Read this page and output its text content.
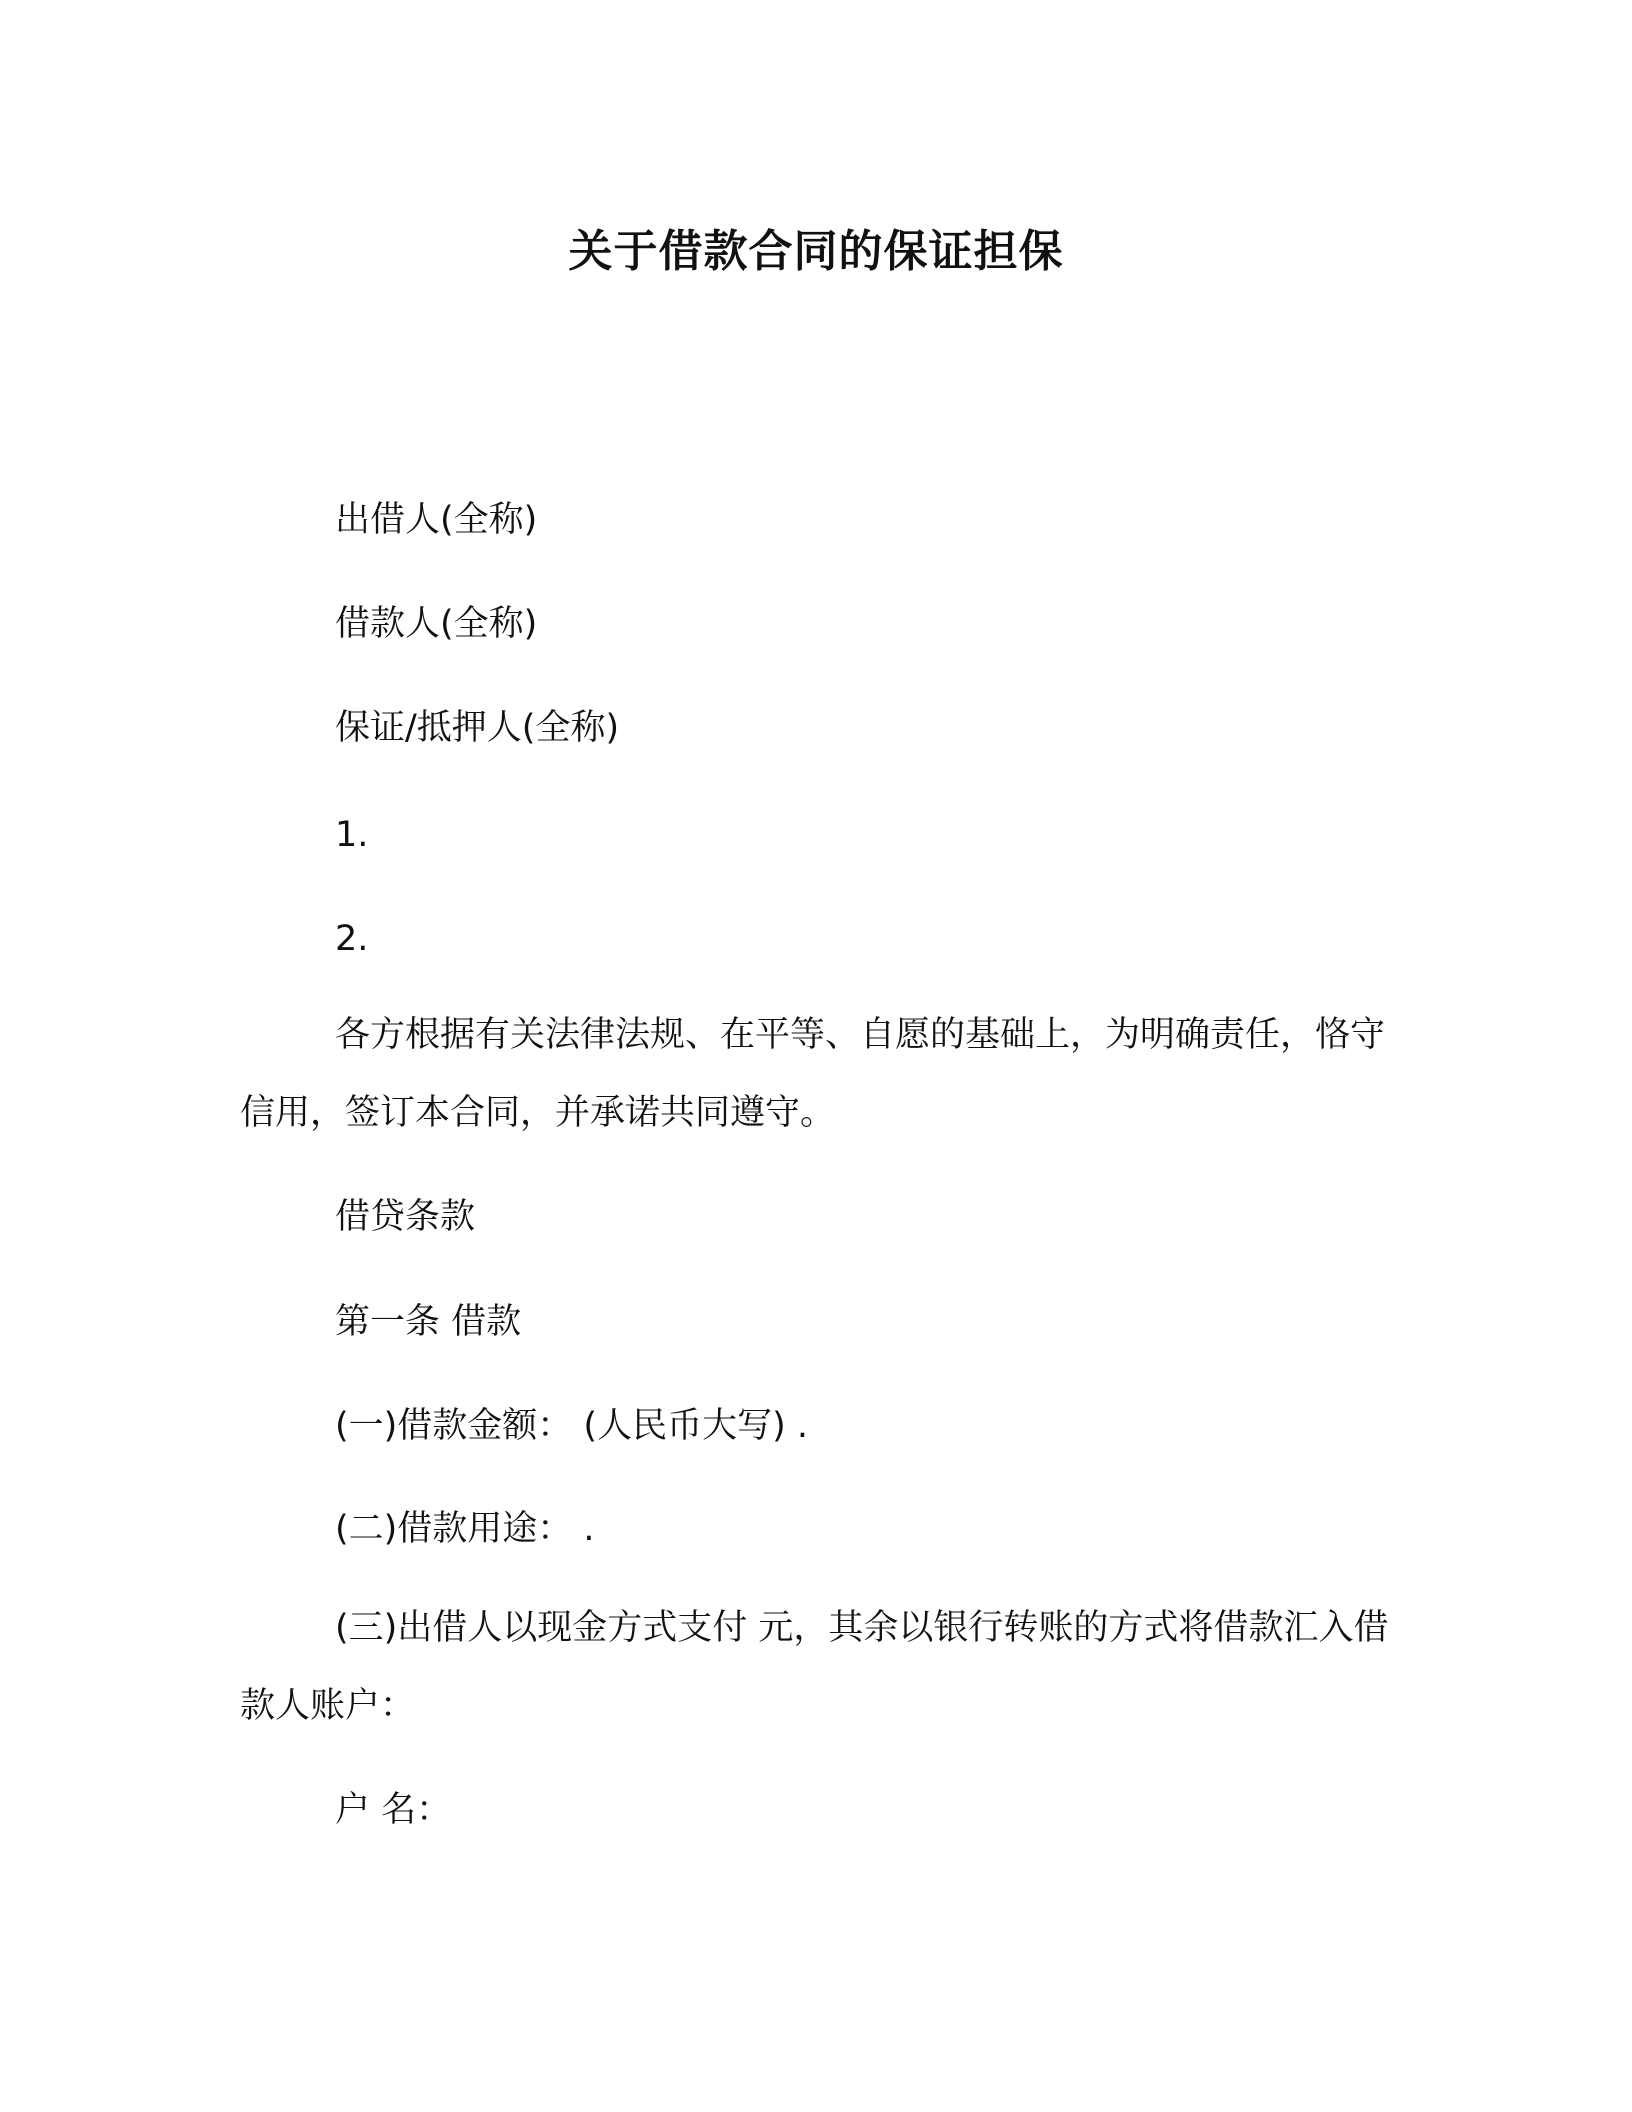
关于借款合同的保证担保
出借人(全称)
借款人(全称)
保证/抵押人(全称)
1.
2.
各方根据有关法律法规、在平等、自愿的基础上，为明确责任，恪守信用，签订本合同，并承诺共同遵守。
借贷条款
第一条 借款
(一)借款金额： (人民币大写) .
(二)借款用途： .
(三)出借人以现金方式支付 元，其余以银行转账的方式将借款汇入借款人账户：
户 名：
